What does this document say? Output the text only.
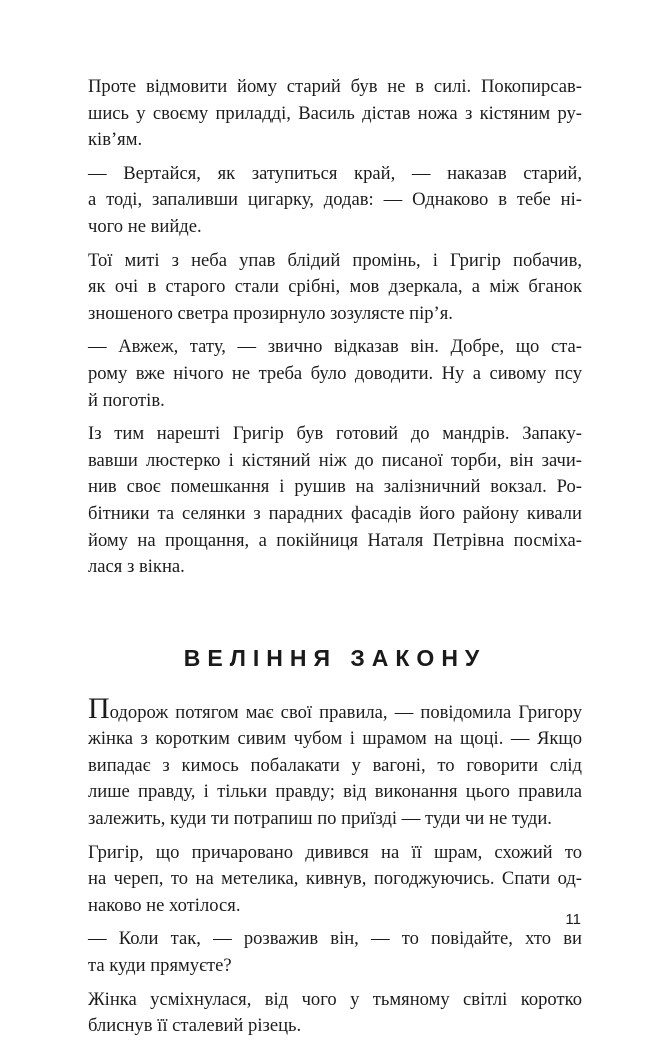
Проте відмовити йому старий був не в силі. Покопирсав-
шись у своєму приладді, Василь дістав ножа з кістяним ру-
ків’ям.

— Вертайся, як затупиться край, — наказав старий,
а тоді, запаливши цигарку, додав: — Однаково в тебе ні-
чого не вийде.

Тої миті з неба упав блідий промінь, і Григір побачив,
як очі в старого стали срібні, мов дзеркала, а між бганок
зношеного светра прозирнуло зозулясте пір’я.

— Авжеж, тату, — звично відказав він. Добре, що ста-
рому вже нічого не треба було доводити. Ну а сивому псу
й поготів.

Із тим нарешті Григір був готовий до мандрів. Запаку-
вавши люстерко і кістяний ніж до писаної торби, він зачи-
нив своє помешкання і рушив на залізничний вокзал. Ро-
бітники та селянки з парадних фасадів його району кивали
йому на прощання, а покійниця Наталя Петрівна посміха-
лася з вікна.

ВЕЛІННЯ ЗАКОНУ

Подорож потягом має свої правила, — повідомила Григору
жінка з коротким сивим чубом і шрамом на щоці. — Якщо
випадає з кимось побалакати у вагоні, то говорити слід
лише правду, і тільки правду; від виконання цього правила
залежить, куди ти потрапиш по приїзді — туди чи не туди.

Григір, що причаровано дивився на її шрам, схожий то
на череп, то на метелика, кивнув, погоджуючись. Спати од-
наково не хотілося.

— Коли так, — розважив він, — то повідайте, хто ви
та куди прямуєте?

Жінка усміхнулася, від чого у тьмяному світлі коротко
блиснув її сталевий різець.

11
